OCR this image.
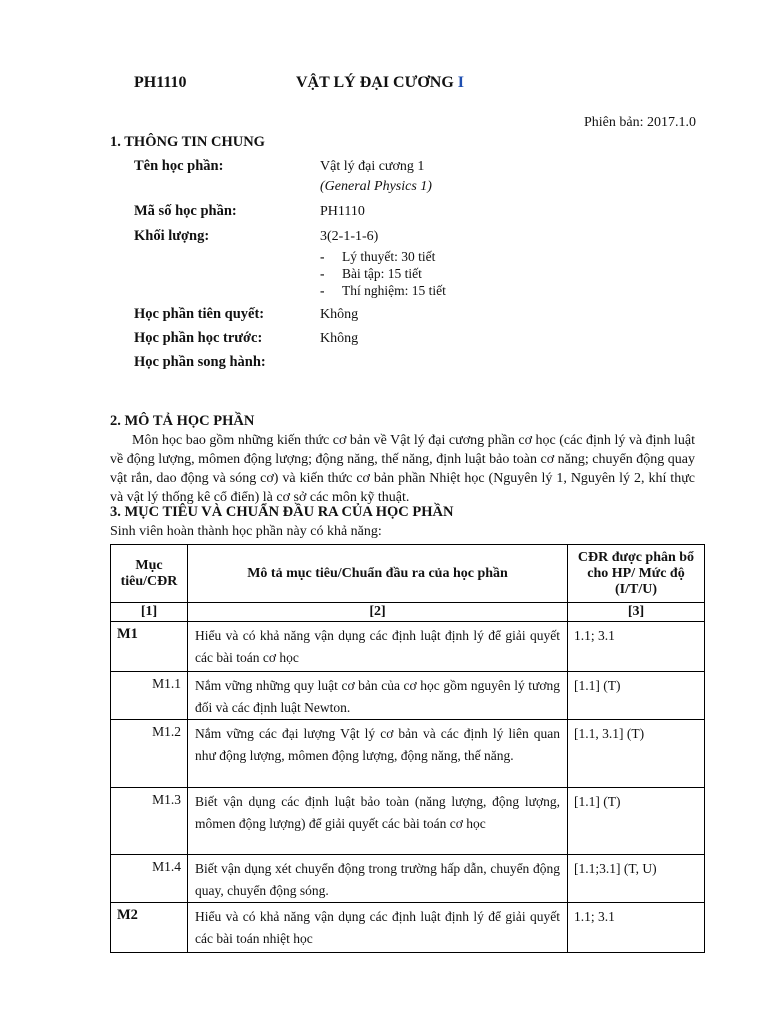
PH1110	VẬT LÝ ĐẠI CƯƠNG I
Phiên bản: 2017.1.0
1. THÔNG TIN CHUNG
Tên học phần:	Vật lý đại cương 1
(General Physics 1)
Mã số học phần:	PH1110
Khối lượng:	3(2-1-1-6)
- Lý thuyết: 30 tiết
- Bài tập: 15 tiết
- Thí nghiệm: 15 tiết
Học phần tiên quyết:	Không
Học phần học trước:	Không
Học phần song hành:
2. MÔ TẢ HỌC PHẦN
Môn học bao gồm những kiến thức cơ bản về Vật lý đại cương phần cơ học (các định lý và định luật về động lượng, mômen động lượng; động năng, thế năng, định luật bảo toàn cơ năng; chuyển động quay vật rắn, dao động và sóng cơ) và kiến thức cơ bản phần Nhiệt học (Nguyên lý 1, Nguyên lý 2, khí thực và vật lý thống kê cổ điển) là cơ sở các môn kỹ thuật.
3. MỤC TIÊU VÀ CHUẨN ĐẦU RA CỦA HỌC PHẦN
Sinh viên hoàn thành học phần này có khả năng:
Mục tiêu/CĐR	Mô tả mục tiêu/Chuẩn đầu ra của học phần	CĐR được phân bổ cho HP/ Mức độ (I/T/U)
[1]	[2]	[3]
M1	Hiểu và có khả năng vận dụng các định luật định lý để giải quyết các bài toán cơ học	1.1; 3.1
M1.1	Nắm vững những quy luật cơ bản của cơ học gồm nguyên lý tương đối và các định luật Newton.	[1.1] (T)
M1.2	Nắm vững các đại lượng Vật lý cơ bản và các định lý liên quan như động lượng, mômen động lượng, động năng, thế năng.	[1.1, 3.1] (T)
M1.3	Biết vận dụng các định luật bảo toàn (năng lượng, động lượng, mômen động lượng) để giải quyết các bài toán cơ học	[1.1] (T)
M1.4	Biết vận dụng xét chuyển động trong trường hấp dẫn, chuyển động quay, chuyển động sóng.	[1.1;3.1] (T, U)
M2	Hiểu và có khả năng vận dụng các định luật định lý để giải quyết các bài toán nhiệt học	1.1; 3.1
